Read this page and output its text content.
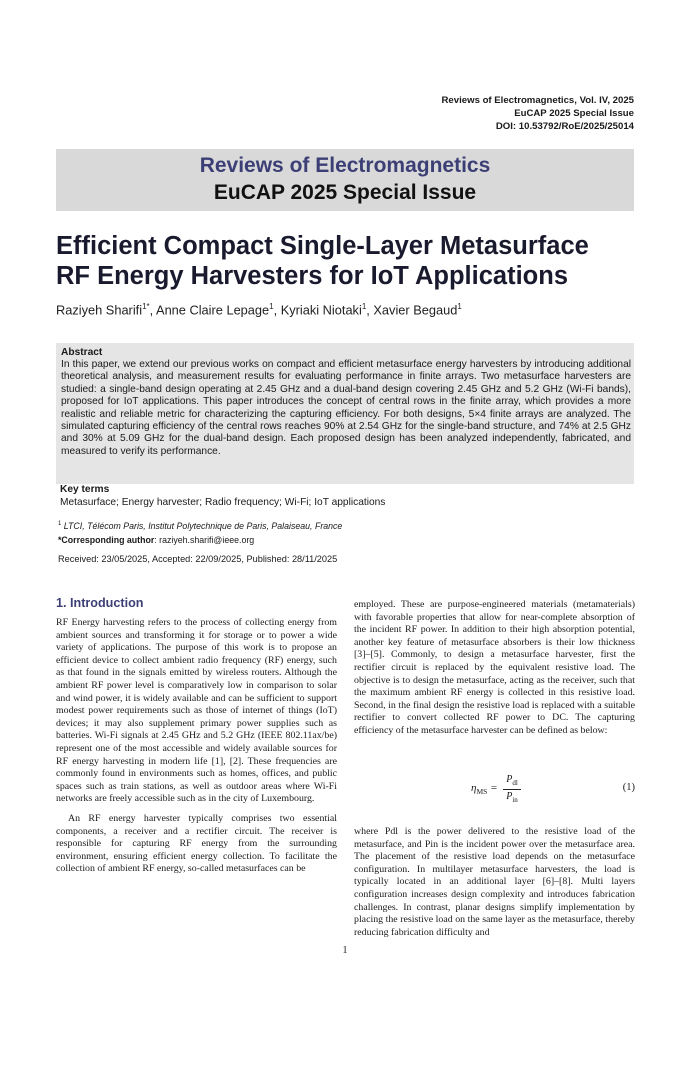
Reviews of Electromagnetics, Vol. IV, 2025
EuCAP 2025 Special Issue
DOI: 10.53792/RoE/2025/25014
Reviews of Electromagnetics
EuCAP 2025 Special Issue
Efficient Compact Single-Layer Metasurface
RF Energy Harvesters for IoT Applications
Raziyeh Sharifi$^{1*}$, Anne Claire Lepage$^1$, Kyriaki Niotaki$^1$, Xavier Begaud$^1$
Abstract
In this paper, we extend our previous works on compact and efficient metasurface energy harvesters by introducing additional theoretical analysis, and measurement results for evaluating performance in finite arrays. Two metasurface harvesters are studied: a single-band design operating at 2.45 GHz and a dual-band design covering 2.45 GHz and 5.2 GHz (Wi-Fi bands), proposed for IoT applications. This paper introduces the concept of central rows in the finite array, which provides a more realistic and reliable metric for characterizing the capturing efficiency. For both designs, 5×4 finite arrays are analyzed. The simulated capturing efficiency of the central rows reaches 90% at 2.54 GHz for the single-band structure, and 74% at 2.5 GHz and 30% at 5.09 GHz for the dual-band design. Each proposed design has been analyzed independently, fabricated, and measured to verify its performance.
Key terms
Metasurface; Energy harvester; Radio frequency; Wi-Fi; IoT applications
$^1$ LTCI, Télécom Paris, Institut Polytechnique de Paris, Palaiseau, France
*Corresponding author: raziyeh.sharifi@ieee.org
Received: 23/05/2025, Accepted: 22/09/2025, Published: 28/11/2025
1. Introduction

RF Energy harvesting refers to the process of collecting energy from ambient sources and transforming it for storage or to power a wide variety of applications. The purpose of this work is to propose an efficient device to collect ambient radio frequency (RF) energy, such as that found in the signals emitted by wireless routers. Although the ambient RF power level is comparatively low in comparison to solar and wind power, it is widely available and can be sufficient to support modest power requirements such as those of internet of things (IoT) devices; it may also supplement primary power supplies such as batteries. Wi-Fi signals at 2.45 GHz and 5.2 GHz (IEEE 802.11ax/be) represent one of the most accessible and widely available sources for RF energy harvesting in modern life [1], [2]. These frequencies are commonly found in environments such as homes, offices, and public spaces such as train stations, as well as outdoor areas where Wi-Fi networks are freely accessible such as in the city of Luxembourg.

An RF energy harvester typically comprises two essential components, a receiver and a rectifier circuit. The receiver is responsible for capturing RF energy from the surrounding environment, ensuring efficient energy collection. To facilitate the collection of ambient RF energy, so-called metasurfaces can be

employed. These are purpose-engineered materials (metamaterials) with favorable properties that allow for near-complete absorption of the incident RF power. In addition to their high absorption potential, another key feature of metasurface absorbers is their low thickness [3]–[5]. Commonly, to design a metasurface harvester, first the rectifier circuit is replaced by the equivalent resistive load. The objective is to design the metasurface, acting as the receiver, such that the maximum ambient RF energy is collected in this resistive load. Second, in the final design the resistive load is replaced with a suitable rectifier to convert collected RF power to DC. The capturing efficiency of the metasurface harvester can be defined as below:

$\eta_{MS}$ =
$P_{dl}$
$P_{in}$
(1)

where Pdl is the power delivered to the resistive load of the metasurface, and Pin is the incident power over the metasurface area. The placement of the resistive load depends on the metasurface configuration. In multilayer metasurface harvesters, the load is typically located in an additional layer [6]–[8]. Multi layers configuration increases design complexity and introduces fabrication challenges. In contrast, planar designs simplify implementation by placing the resistive load on the same layer as the metasurface, thereby reducing fabrication difficulty and

1
